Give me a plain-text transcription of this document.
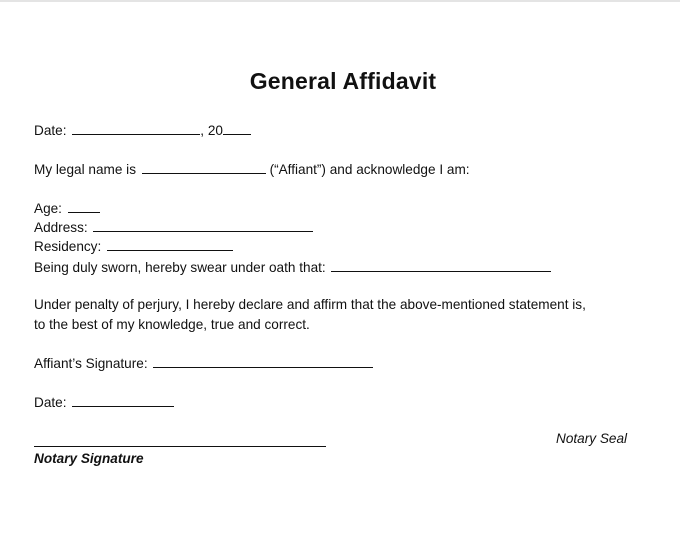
General Affidavit
Date:	, 20
My legal name is	(“Affiant”) and acknowledge I am:
Age:
Address:
Residency:
Being duly sworn, hereby swear under oath that:
Under penalty of perjury, I hereby declare and affirm that the above-mentioned statement is,
to the best of my knowledge, true and correct.
Affiant’s Signature:
Date:
Notary Seal
Notary Signature
